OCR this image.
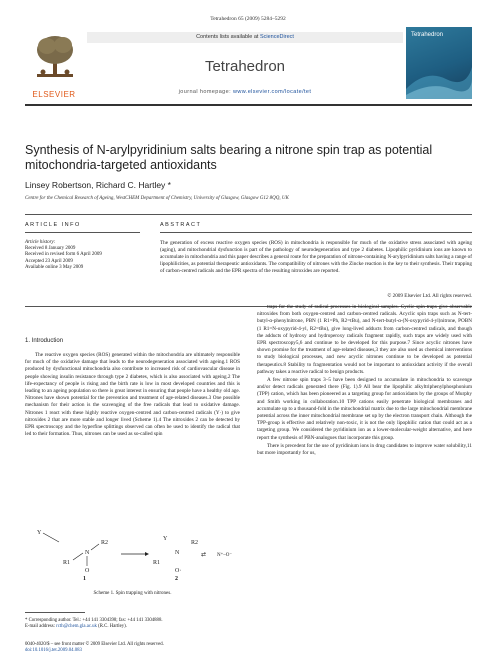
Tetrahedron 65 (2009) 5284–5292
ELSEVIER
Contents lists available at ScienceDirect
Tetrahedron
journal homepage: www.elsevier.com/locate/tet
Tetrahedron
Synthesis of N-arylpyridinium salts bearing a nitrone spin trap as potential
mitochondria-targeted antioxidants
Linsey Robertson, Richard C. Hartley *
Centre for the Chemical Research of Ageing, WestCHEM Department of Chemistry, University of Glasgow, Glasgow G12 8QQ, UK
ARTICLE INFO	ABSTRACT
Article history:
Received 8 January 2009
Received in revised form 6 April 2009
Accepted 23 April 2009
Available online 3 May 2009
The generation of excess reactive oxygen species (ROS) in mitochondria is responsible for much of the oxidative stress associated with ageing (aging), and mitochondrial dysfunction is part of the pathology of neurodegeneration and type 2 diabetes. Lipophilic pyridinium ions are known to accumulate in mitochondria and this paper describes a general route for the preparation of nitrone-containing N-arylpyridinium salts having a range of lipophilicities, as potential therapeutic antioxidants. The compatibility of nitrones with the Zincke reaction is the key to their synthesis. Their trapping of carbon-centred radicals and the EPR spectra of the resulting nitroxides are reported.
© 2009 Elsevier Ltd. All rights reserved.
1. Introduction

The reactive oxygen species (ROS) generated within the mitochondria are ultimately responsible for much of the oxidative damage that leads to the neurodegeneration associated with ageing.1 ROS produced by dysfunctional mitochondria also contribute to increased risk of cardiovascular disease in people showing insulin resistance through type 2 diabetes, which is also associated with ageing.2 The life-expectancy of people is rising and the birth rate is low in most developed countries and this is leading to an ageing population so there is great interest in ensuring that people have a healthy old age. Nitrones have shown potential for the prevention and treatment of age-related diseases.3 One possible mechanism for their action is the scavenging of the free radicals that lead to oxidative damage. Nitrones 1 react with these highly reactive oxygen-centred and carbon-centred radicals (Y·) to give nitroxides 2 that are more stable and longer lived (Scheme 1).4 The nitroxides 2 can be detected by EPR spectroscopy and the hyperfine splittings observed can often be used to identify the radical that led to their formation. Thus, nitrones can be used as so-called spin

traps for the study of radical processes in biological samples. Cyclic spin traps give observable nitroxides from both oxygen-centred and carbon-centred radicals. Acyclic spin traps such as N-tert-butyl-α-phenylnitrone, PBN (1 R1=Ph, R2=tBu), and N-tert-butyl-α-(N-oxypyrid-4-yl)nitrone, POBN (1 R1=N-oxypyrid-4-yl, R2=tBu), give long-lived adducts from carbon-centred radicals, and though the adducts of hydroxy and hydroperoxy radicals fragment rapidly, such traps are widely used with EPR spectroscopy5,6 and continue to be developed for this purpose.7 Since acyclic nitrones have shown promise for the treatment of age-related diseases,3 they are also used as chemical interventions to study biological processes, and new acyclic nitrones continue to be developed as potential therapeutics.8 Stability to fragmentation would not be important to antioxidant activity if the overall pathway takes a reactive radical to benign products.

A few nitrone spin traps 3–5 have been designed to accumulate in mitochondria to scavenge and/or detect radicals generated there (Fig. 1).9 All bear the lipophilic alkyltriphenylphosphonium (TPP) cation, which has been pioneered as a targeting group for antioxidants by the groups of Murphy and Smith working in collaboration.10 TPP cations easily penetrate biological membranes and accumulate up to a thousand-fold in the mitochondrial matrix due to the large mitochondrial membrane potential across the inner mitochondrial membrane set up by the electron transport chain. Although the TPP-group is effective and relatively non-toxic, it is not the only lipophilic cation that could act as a targeting group. We considered the pyridinium ion as a lower-molecular-weight alternative, and here report the synthesis of PBN-analogues that incorporate this group.

There is precedent for the use of pyridinium ions in drug candidates to improve water solubility,11 but more importantly for us,

Y
R1
N
R2
O
1
R1
Y
N
R2
O·
2
⇄ N⁺–O⁻
Scheme 1. Spin trapping with nitrones.
* Corresponding author. Tel.: +44 141 3304398; fax: +44 141 3304888.
E-mail address: rcth@chem.gla.ac.uk (R.C. Hartley).
0040-4020/$ – see front matter © 2009 Elsevier Ltd. All rights reserved.
doi:10.1016/j.tet.2009.04.083
